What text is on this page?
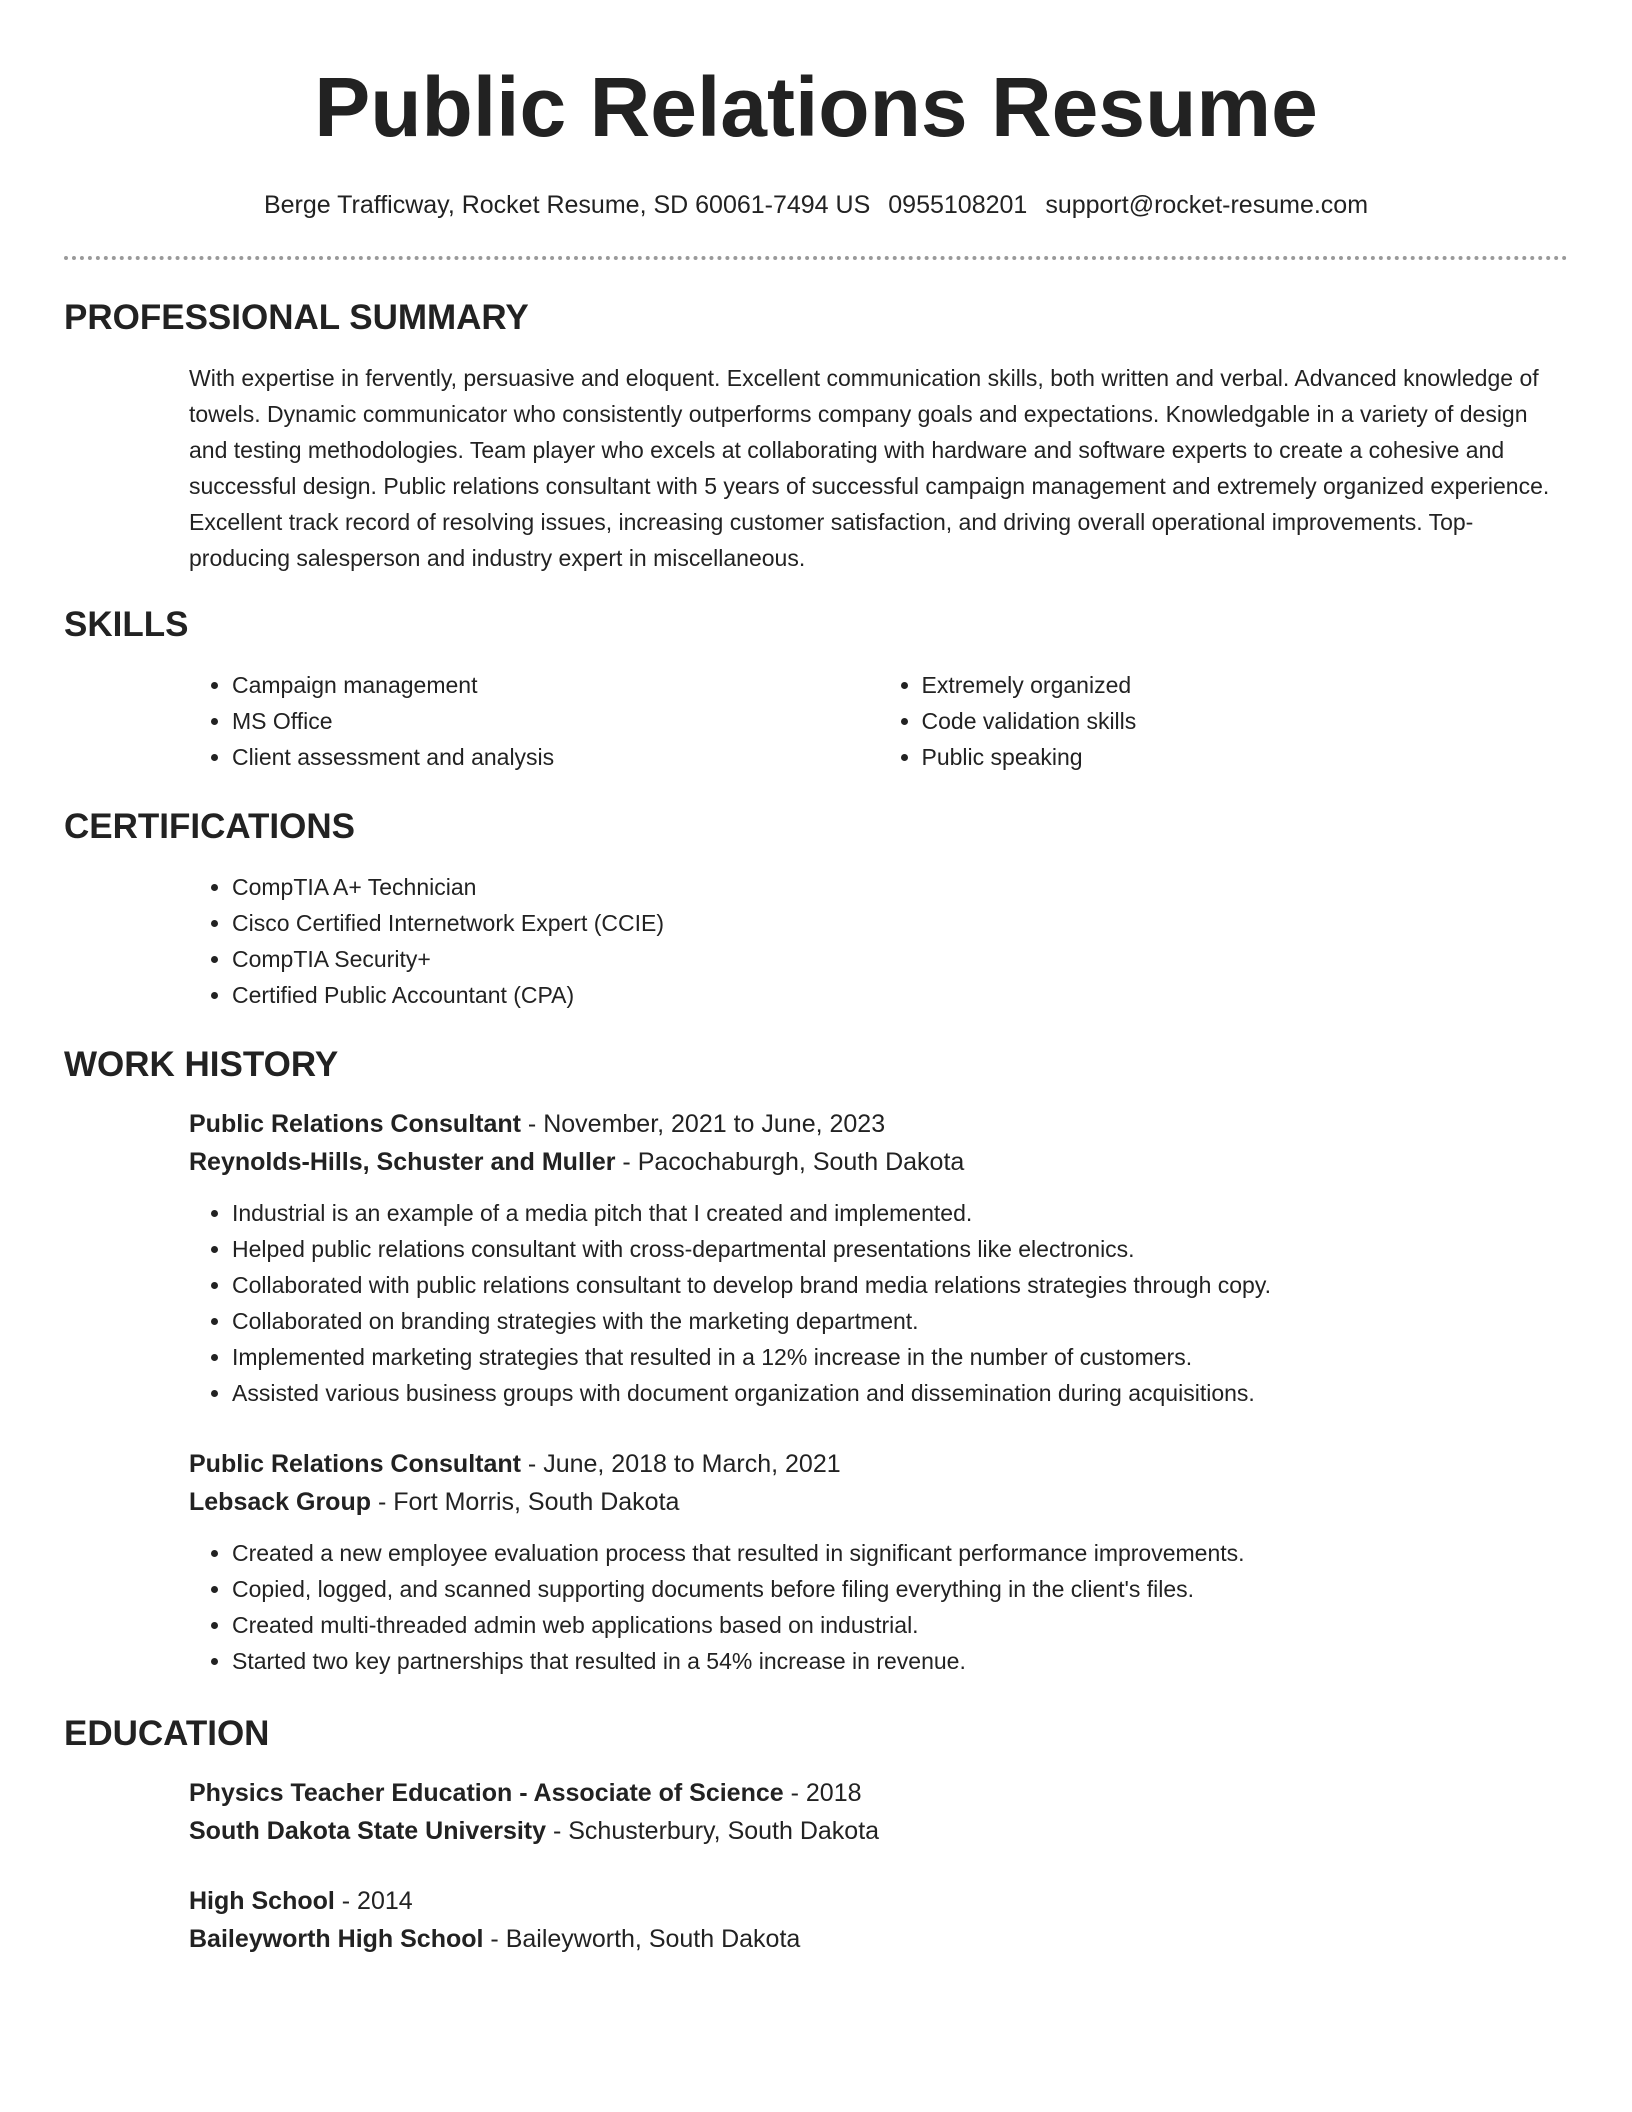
Public Relations Resume
Berge Trafficway, Rocket Resume, SD 60061-7494 US 0955108201 support@rocket-resume.com
PROFESSIONAL SUMMARY

With expertise in fervently, persuasive and eloquent. Excellent communication skills, both written and verbal. Advanced knowledge of towels. Dynamic communicator who consistently outperforms company goals and expectations. Knowledgable in a variety of design and testing methodologies. Team player who excels at collaborating with hardware and software experts to create a cohesive and successful design. Public relations consultant with 5 years of successful campaign management and extremely organized experience. Excellent track record of resolving issues, increasing customer satisfaction, and driving overall operational improvements. Top-producing salesperson and industry expert in miscellaneous.

SKILLS
• Campaign management
• MS Office
• Client assessment and analysis
• Extremely organized
• Code validation skills
• Public speaking
CERTIFICATIONS
• CompTIA A+ Technician
• Cisco Certified Internetwork Expert (CCIE)
• CompTIA Security+
• Certified Public Accountant (CPA)
WORK HISTORY
Public Relations Consultant - November, 2021 to June, 2023
Reynolds-Hills, Schuster and Muller - Pacochaburgh, South Dakota
• Industrial is an example of a media pitch that I created and implemented.
• Helped public relations consultant with cross-departmental presentations like electronics.
• Collaborated with public relations consultant to develop brand media relations strategies through copy.
• Collaborated on branding strategies with the marketing department.
• Implemented marketing strategies that resulted in a 12% increase in the number of customers.
• Assisted various business groups with document organization and dissemination during acquisitions.
Public Relations Consultant - June, 2018 to March, 2021
Lebsack Group - Fort Morris, South Dakota
• Created a new employee evaluation process that resulted in significant performance improvements.
• Copied, logged, and scanned supporting documents before filing everything in the client's files.
• Created multi-threaded admin web applications based on industrial.
• Started two key partnerships that resulted in a 54% increase in revenue.
EDUCATION
Physics Teacher Education - Associate of Science - 2018
South Dakota State University - Schusterbury, South Dakota
High School - 2014
Baileyworth High School - Baileyworth, South Dakota
